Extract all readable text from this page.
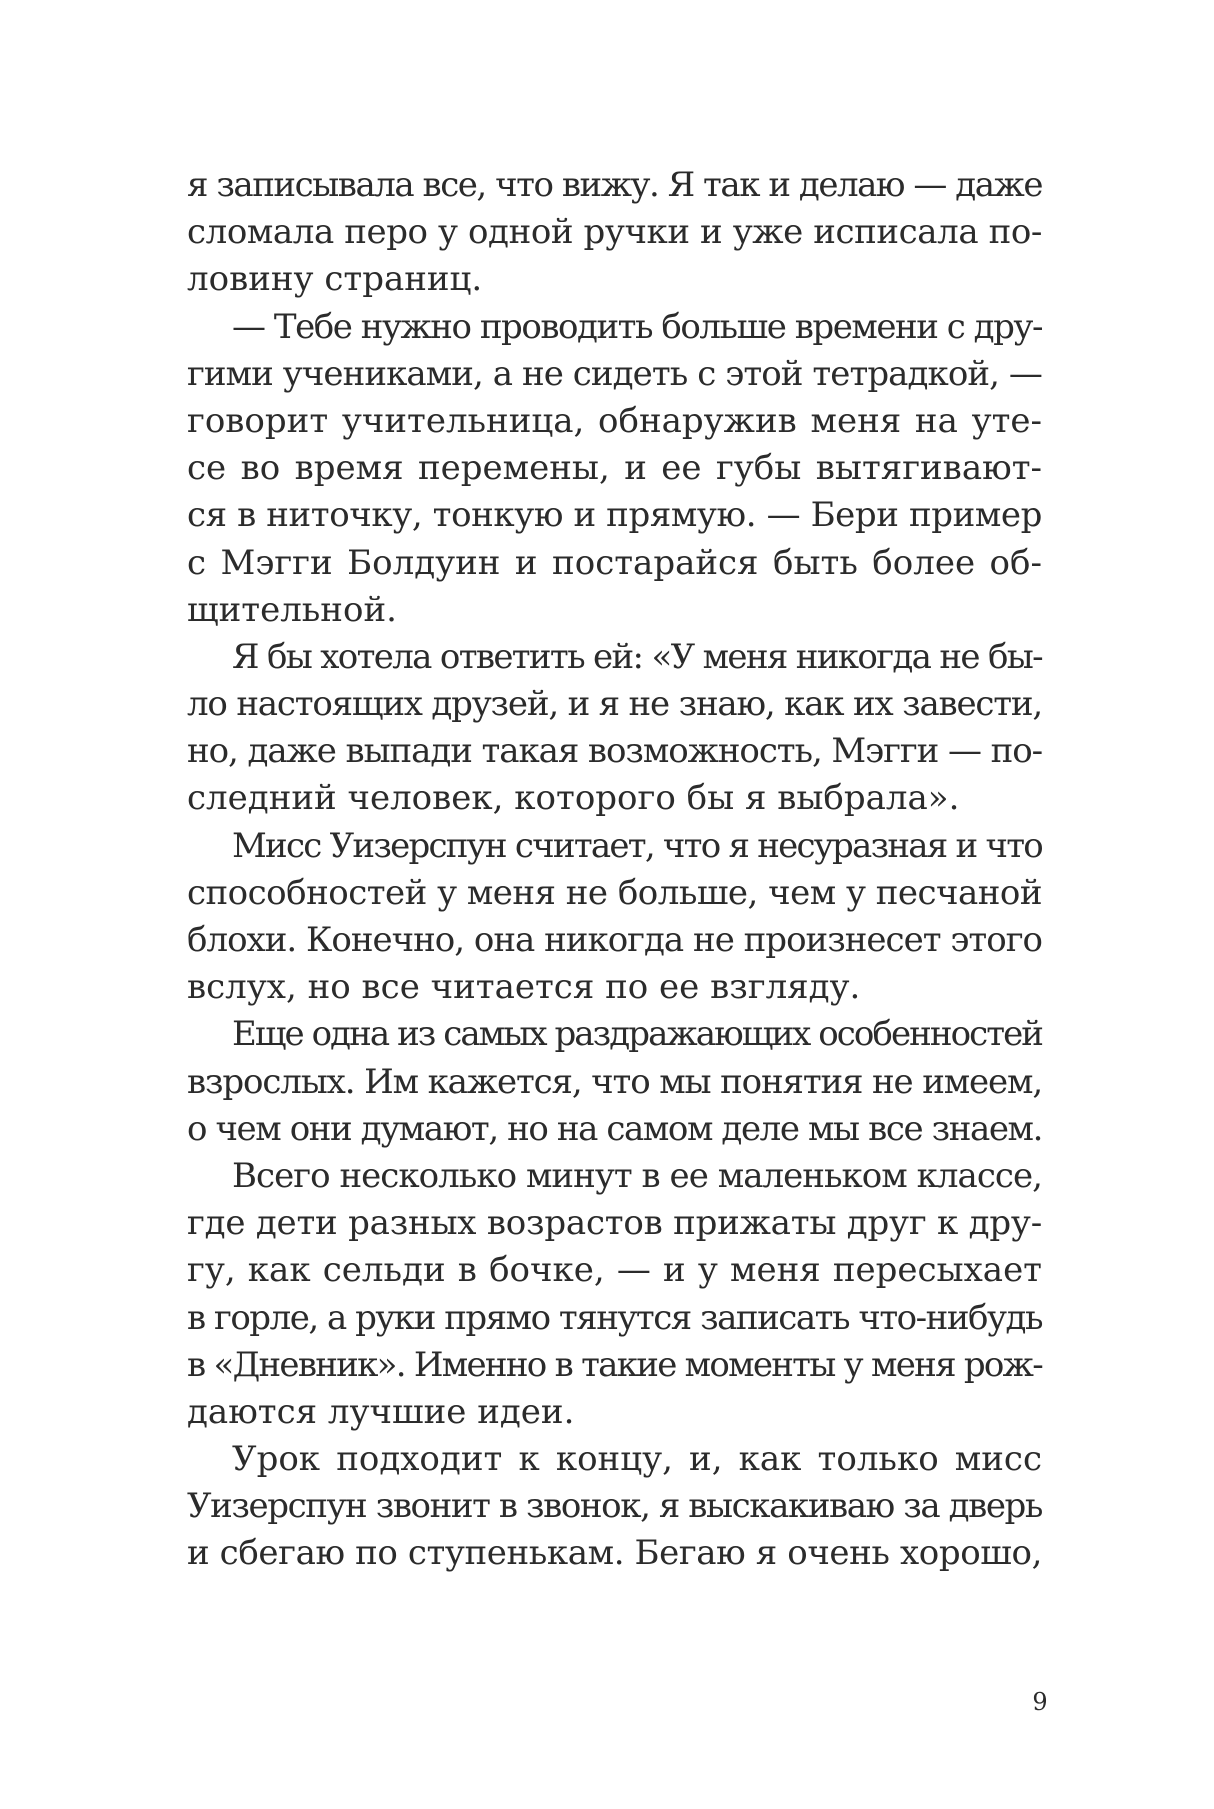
я записывала все, что вижу. Я так и делаю — даже
сломала перо у одной ручки и уже исписала по-
ловину страниц.
— Тебе нужно проводить больше времени с дру-
гими учениками, а не сидеть с этой тетрадкой, —
говорит учительница, обнаружив меня на уте-
се во время перемены, и ее губы вытягивают-
ся в ниточку, тонкую и прямую. — Бери пример
с Мэгги Болдуин и постарайся быть более об-
щительной.
Я бы хотела ответить ей: «У меня никогда не бы-
ло настоящих друзей, и я не знаю, как их завести,
но, даже выпади такая возможность, Мэгги — по-
следний человек, которого бы я выбрала».
Мисс Уизерспун считает, что я несуразная и что
способностей у меня не больше, чем у песчаной
блохи. Конечно, она никогда не произнесет этого
вслух, но все читается по ее взгляду.
Еще одна из самых раздражающих особенностей
взрослых. Им кажется, что мы понятия не имеем,
о чем они думают, но на самом деле мы все знаем.
Всего несколько минут в ее маленьком классе,
где дети разных возрастов прижаты друг к дру-
гу, как сельди в бочке, — и у меня пересыхает
в горле, а руки прямо тянутся записать что-нибудь
в «Дневник». Именно в такие моменты у меня рож-
даются лучшие идеи.
Урок подходит к концу, и, как только мисс
Уизерспун звонит в звонок, я выскакиваю за дверь
и сбегаю по ступенькам. Бегаю я очень хорошо,
9
